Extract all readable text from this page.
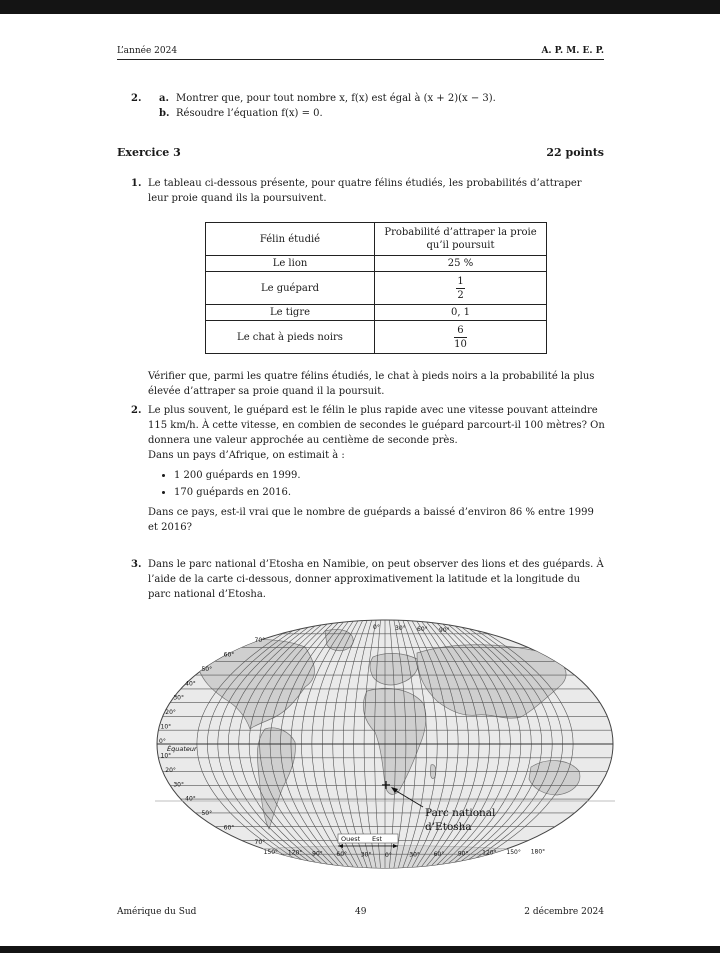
L’année 2024	A. P. M. E. P.
2.	a. Montrer que, pour tout nombre x, f(x) est égal à (x + 2)(x − 3).
b. Résoudre l’équation f(x) = 0.
Exercice 3	22 points
1. Le tableau ci-dessous présente, pour quatre félins étudiés, les probabilités d’attraper leur proie quand ils la poursuivent.
Félin étudié	Probabilité d’attraper la proie qu’il poursuit
Le lion	25 %
Le guépard	$\frac{1}{2}$

Le tigre	0, 1
Le chat à pieds noirs	$\frac{6}{10}$
Vérifier que, parmi les quatre félins étudiés, le chat à pieds noirs a la probabilité la plus élevée d’attraper sa proie quand il la poursuit.
2. Le plus souvent, le guépard est le félin le plus rapide avec une vitesse pouvant atteindre 115 km/h. À cette vitesse, en combien de secondes le guépard parcourt-il 100 mètres? On donnera une valeur approchée au centième de seconde près.
Dans un pays d’Afrique, on estimait à :
• 1 200 guépards en 1999.
• 170 guépards en 2016.
Dans ce pays, est-il vrai que le nombre de guépards a baissé d’environ 86 % entre 1999 et 2016?
3. Dans le parc national d’Etosha en Namibie, on peut observer des lions et des guépards. À l’aide de la carte ci-dessous, donner approximativement la latitude et la longitude du parc national d’Etosha.
Parc national
d’Etosha
Ouest Est
Équateur
70°
60°
50°
40°
30°
20°
10°
0°
10°
20°
30°
40°
50°
60°
70°
150° 120° 90° 60° 30° 0°	30° 60° 90° 120° 150° 180°
0°	30° 60° 90°
Amérique du Sud	49	2 décembre 2024
